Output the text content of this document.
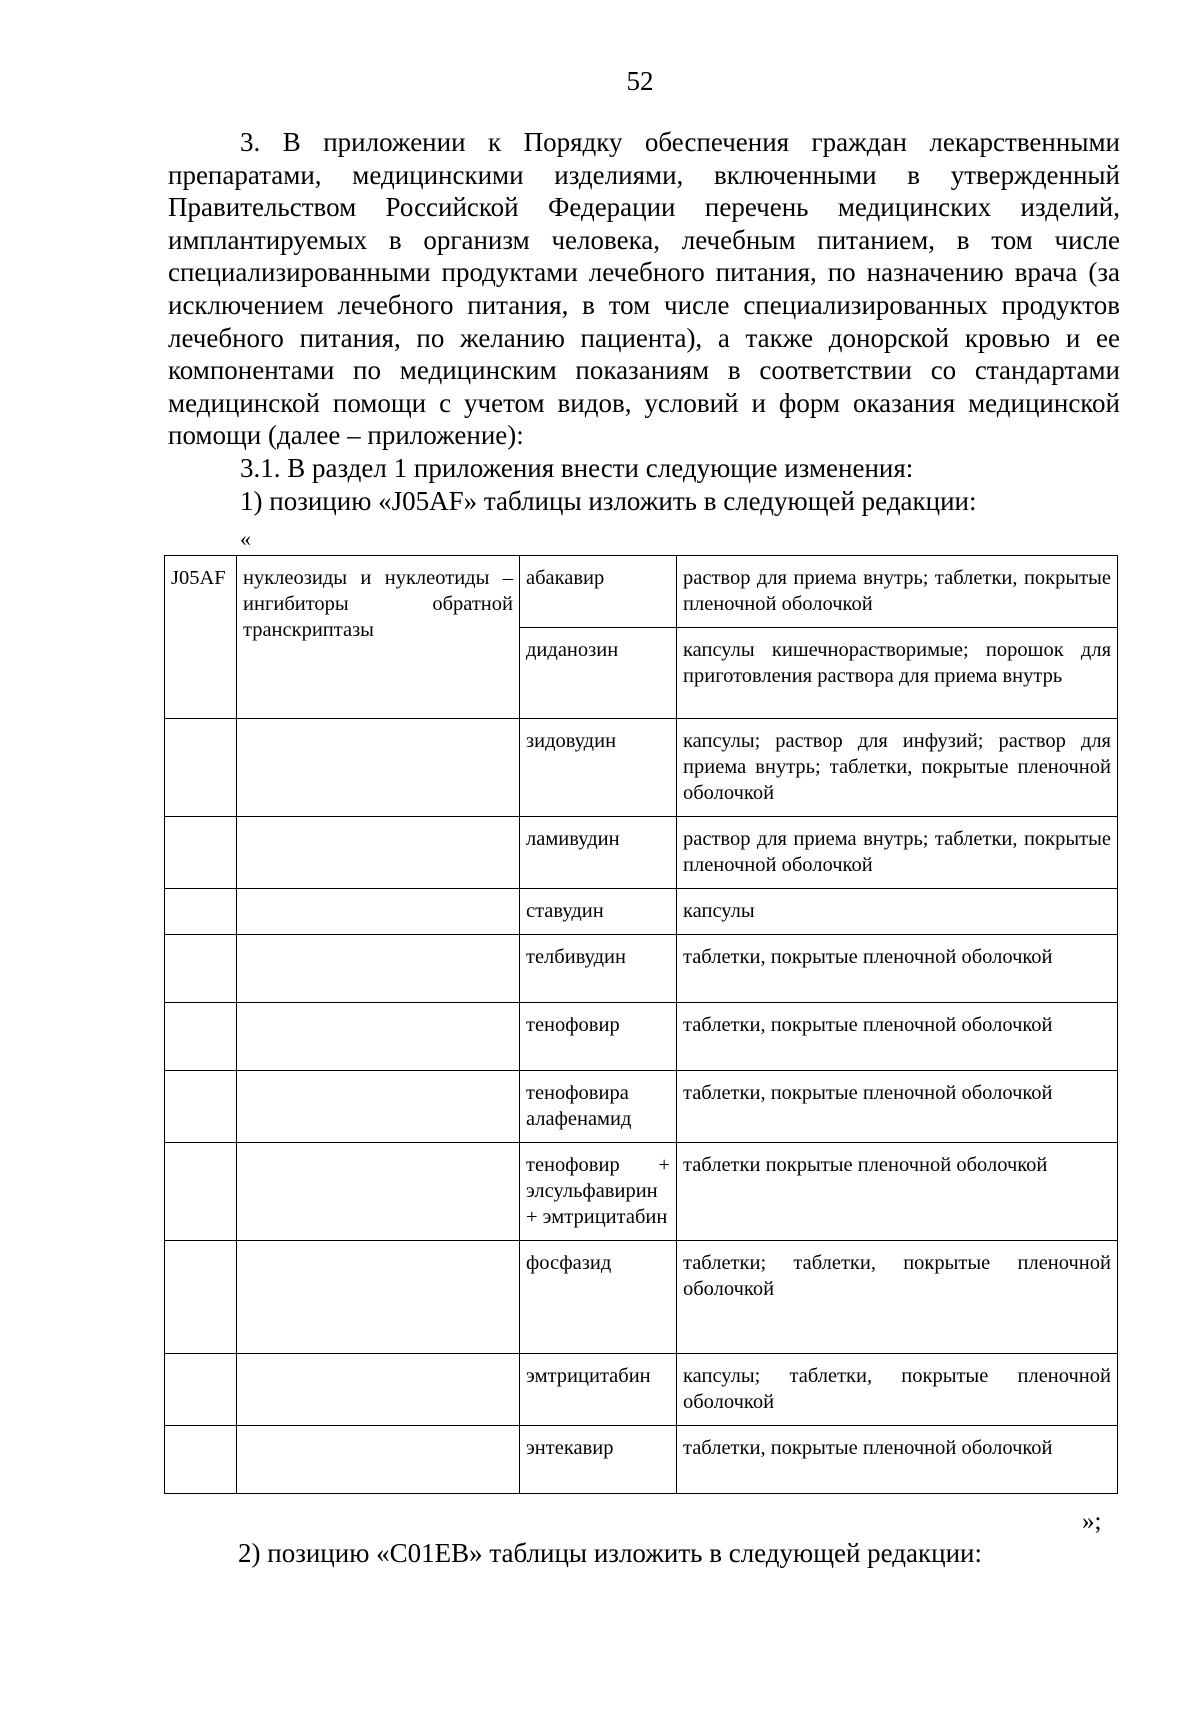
52

3. В приложении к Порядку обеспечения граждан лекарственными препаратами, медицинскими изделиями, включенными в утвержденный Правительством Российской Федерации перечень медицинских изделий, имплантируемых в организм человека, лечебным питанием, в том числе специализированными продуктами лечебного питания, по назначению врача (за исключением лечебного питания, в том числе специализированных продуктов лечебного питания, по желанию пациента), а также донорской кровью и ее компонентами по медицинским показаниям в соответствии со стандартами медицинской помощи с учетом видов, условий и форм оказания медицинской помощи (далее – приложение):

3.1. В раздел 1 приложения внести следующие изменения:

1) позицию «J05AF» таблицы изложить в следующей редакции:

«
J05AF	нуклеозиды и нуклеотиды – ингибиторы обратной транскриптазы	абакавир	раствор для приема внутрь; таблетки, покрытые пленочной оболочкой
		диданозин	капсулы кишечнорастворимые; порошок для приготовления раствора для приема внутрь
		зидовудин	капсулы; раствор для инфузий; раствор для приема внутрь; таблетки, покрытые пленочной оболочкой
		ламивудин	раствор для приема внутрь; таблетки, покрытые пленочной оболочкой
		ставудин	капсулы
		телбивудин	таблетки, покрытые пленочной оболочкой

		тенофовир	таблетки, покрытые пленочной оболочкой
		тенофовира алафенамид	таблетки, покрытые пленочной оболочкой
		тенофовир + элсульфавирин + эмтрицитабин	таблетки покрытые пленочной оболочкой
		фосфазид	таблетки; таблетки, покрытые пленочной оболочкой
		эмтрицитабин	капсулы; таблетки, покрытые пленочной оболочкой
		энтекавир	таблетки, покрытые пленочной оболочкой
»;
2) позицию «C01EB» таблицы изложить в следующей редакции:
